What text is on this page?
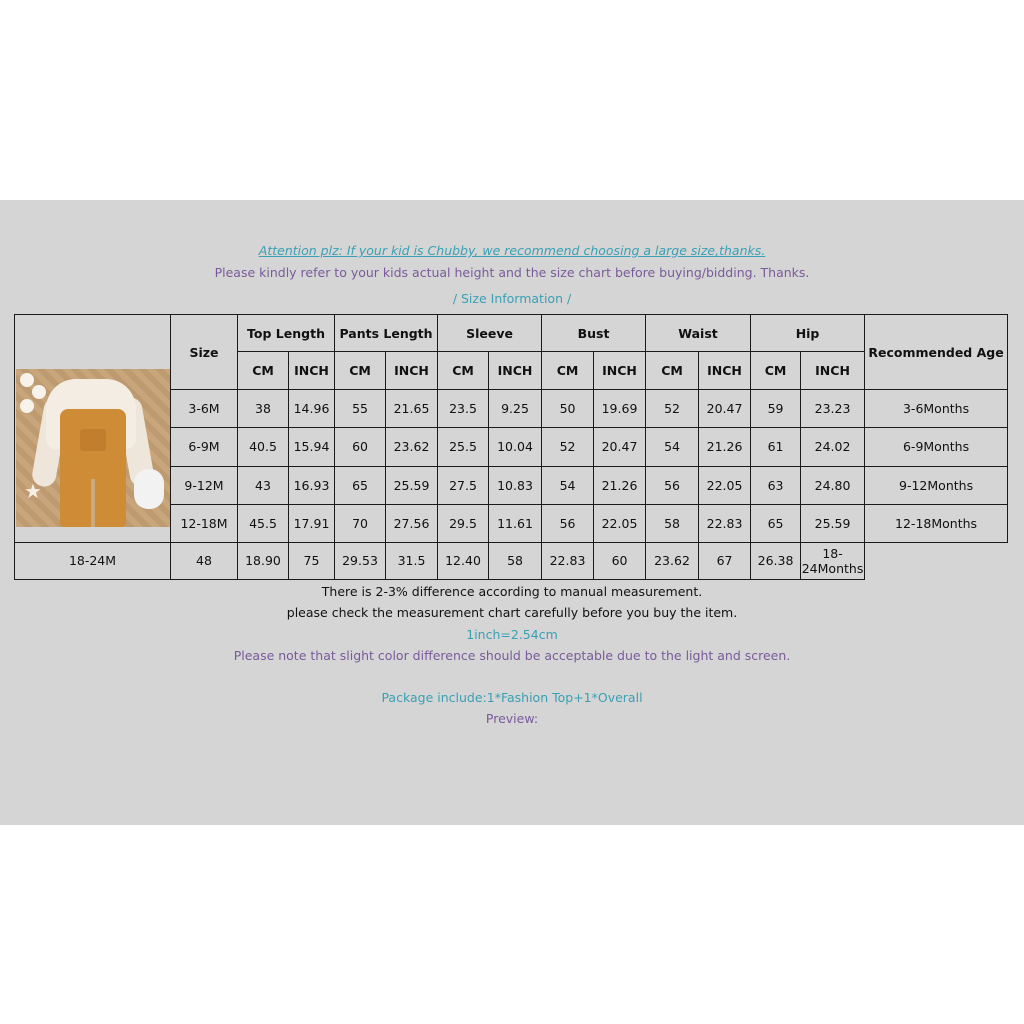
Attention plz: If your kid is Chubby, we recommend choosing a large size,thanks.
Please kindly refer to your kids actual height and the size chart before buying/bidding. Thanks.
/ Size Information /
★	Size	Top Length		Pants Length		Sleeve		Bust		Waist		Hip		Recommended Age
		CM	INCH	CM	INCH	CM	INCH	CM	INCH	CM	INCH	CM	INCH	
	3-6M	38	14.96	55	21.65	23.5	9.25	50	19.69	52	20.47	59	23.23	3-6Months
	6-9M	40.5	15.94	60	23.62	25.5	10.04	52	20.47	54	21.26	61	24.02	6-9Months
	9-12M	43	16.93	65	25.59	27.5	10.83	54	21.26	56	22.05	63	24.80	9-12Months
	12-18M	45.5	17.91	70	27.56	29.5	11.61	56	22.05	58	22.83	65	25.59	12-18Months
18-24M	48	18.90	75	29.53	31.5	12.40	58	22.83	60	23.62	67	26.38	18-24Months	
There is 2-3% difference according to manual measurement.
please check the measurement chart carefully before you buy the item.
1inch=2.54cm
Please note that slight color difference should be acceptable due to the light and screen.
Package include:1*Fashion Top+1*Overall
Preview:
